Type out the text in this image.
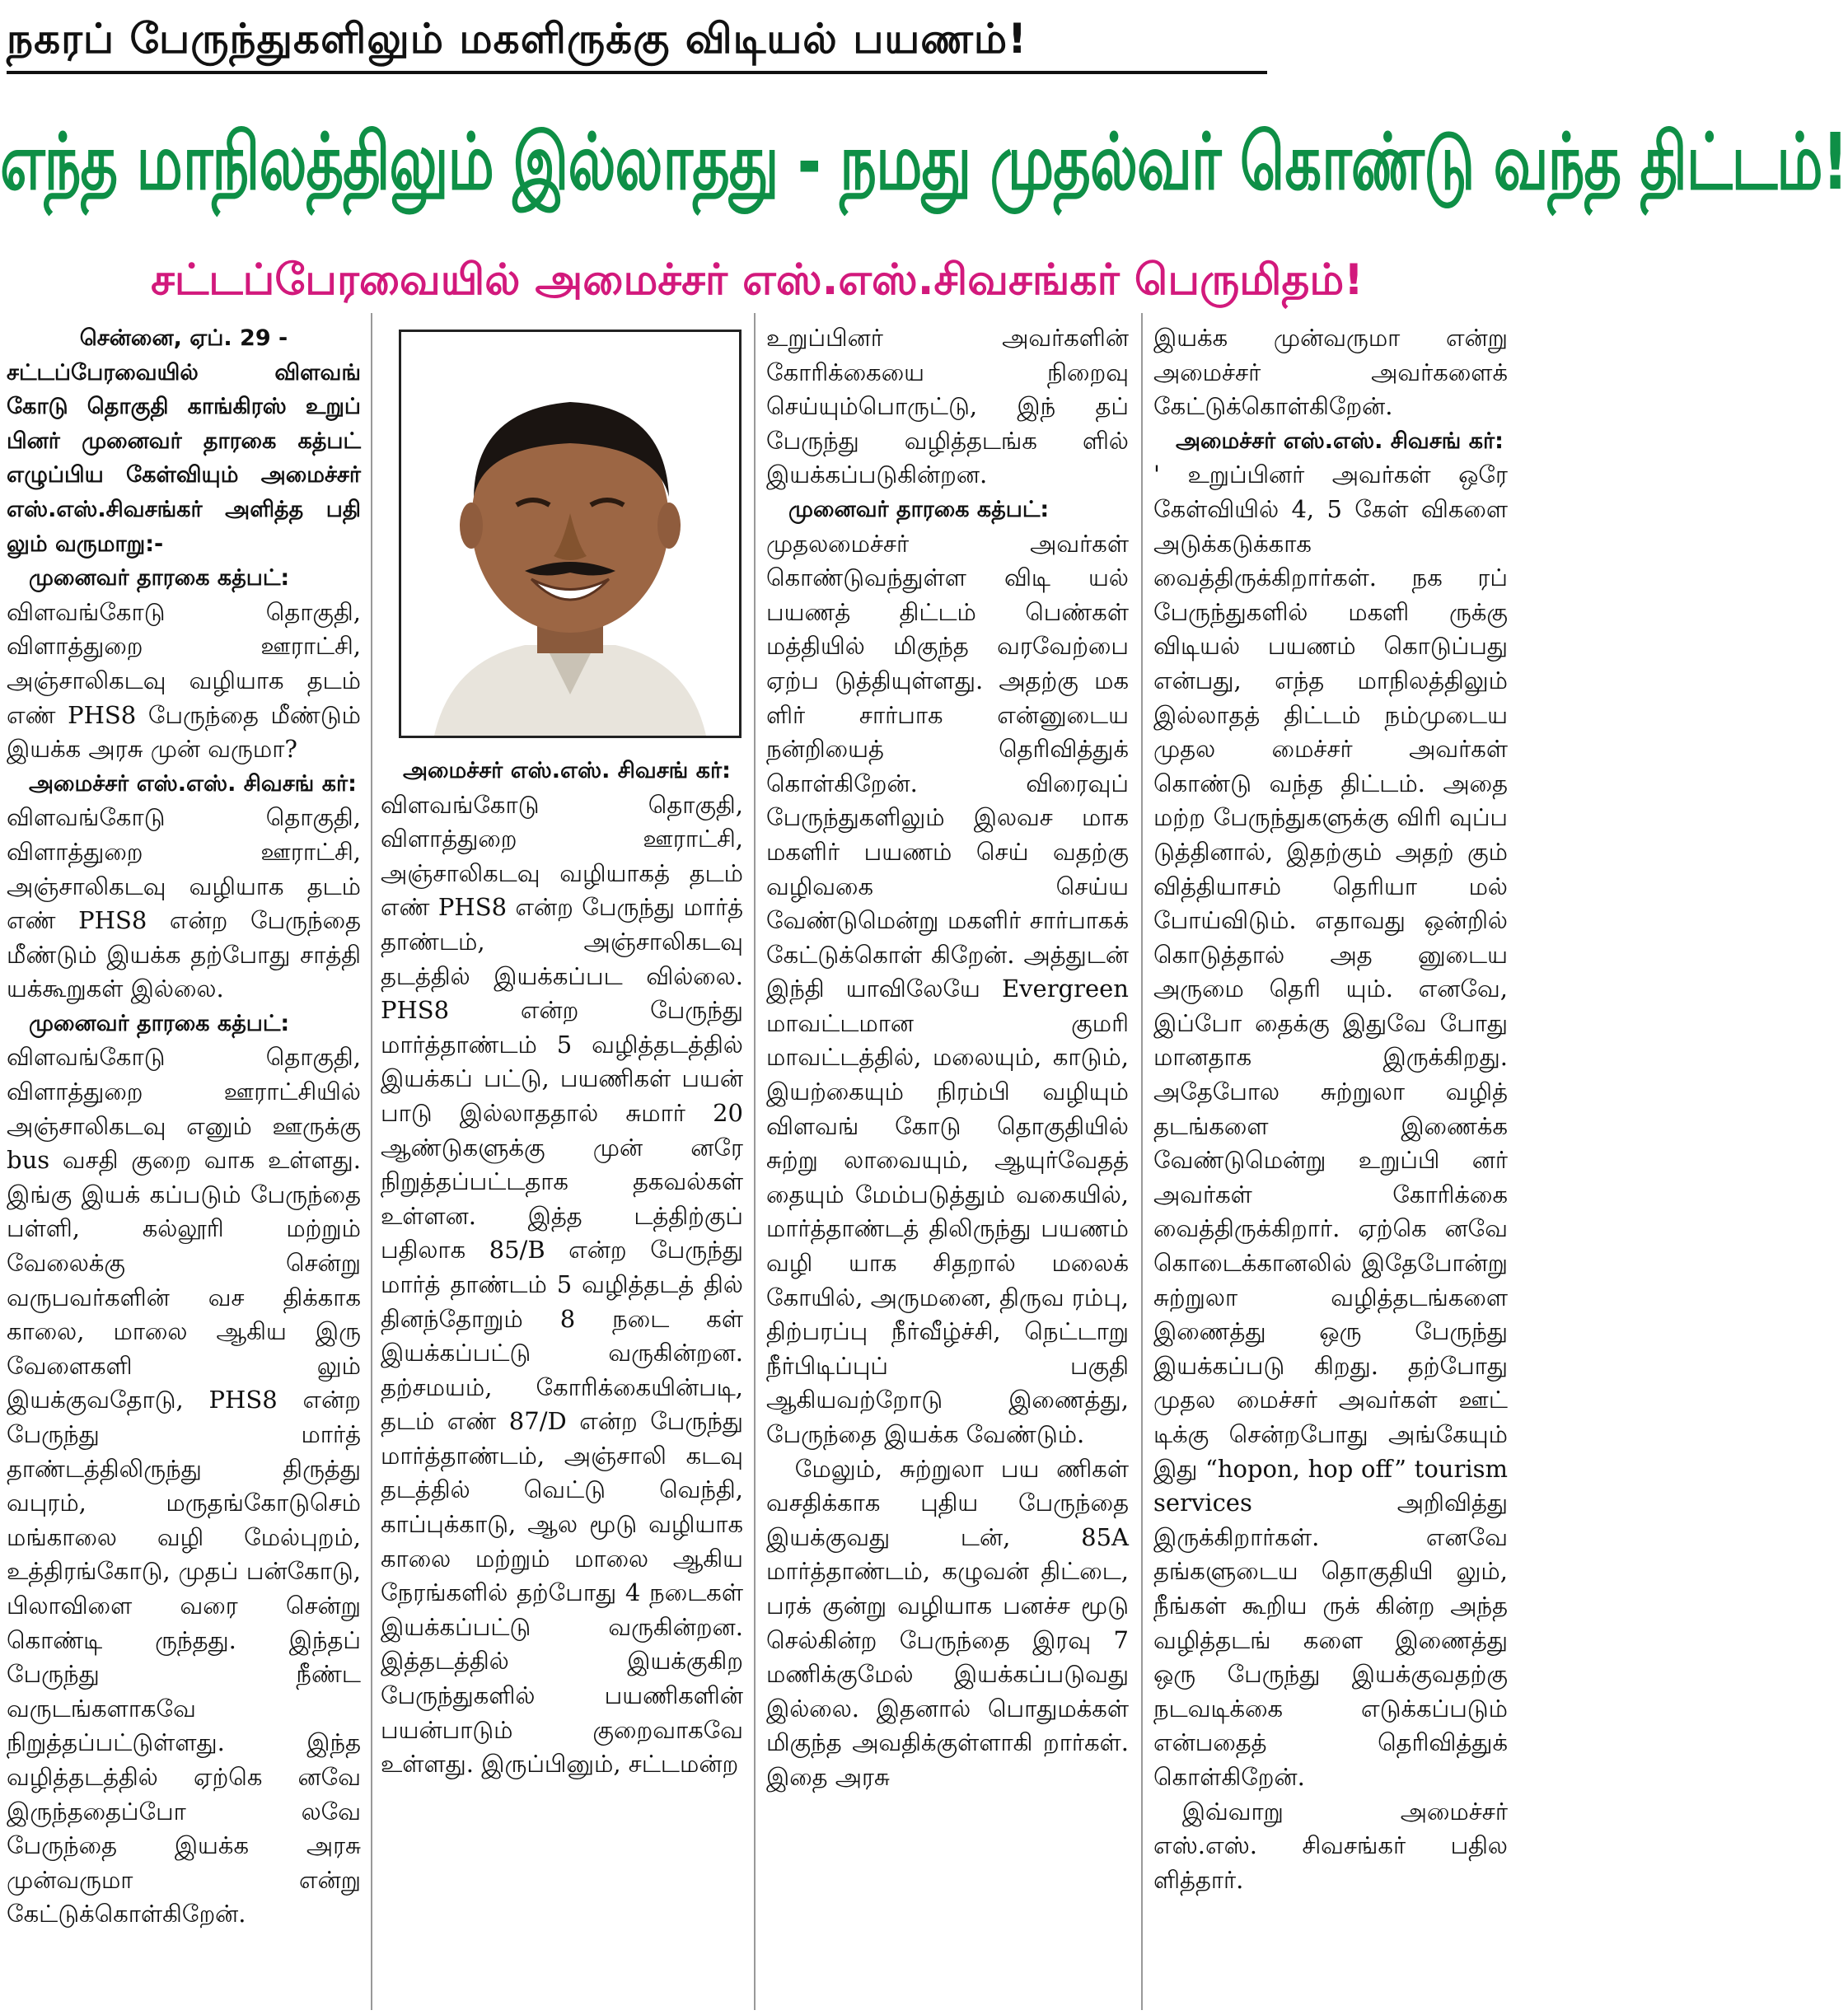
நகரப் பேருந்துகளிலும் மகளிருக்கு விடியல் பயணம்!
எந்த மாநிலத்திலும் இல்லாதது - நமது முதல்வர் கொண்டு வந்த திட்டம்!
சட்டப்பேரவையில் அமைச்சர் எஸ்.எஸ்.சிவசங்கர் பெருமிதம்!

சென்னை, ஏப். 29 -

சட்டப்பேரவையில் விளவங் கோடு தொகுதி காங்கிரஸ் உறுப் பினர் முனைவர் தாரகை கத்பட் எழுப்பிய கேள்வியும் அமைச்சர் எஸ்.எஸ்.சிவசங்கர் அளித்த பதி லும் வருமாறு:-

முனைவர் தாரகை கத்பட்:

விளவங்கோடு தொகுதி, விளாத்துறை ஊராட்சி, அஞ்சாலிகடவு வழியாக தடம் எண் PHS8 பேருந்தை மீண்டும் இயக்க அரசு முன் வருமா?

அமைச்சர் எஸ்.எஸ். சிவசங் கர்:

விளவங்கோடு தொகுதி, விளாத்துறை ஊராட்சி, அஞ்சாலிகடவு வழியாக தடம் எண் PHS8 என்ற பேருந்தை மீண்டும் இயக்க தற்போது சாத்தி யக்கூறுகள் இல்லை.

முனைவர் தாரகை கத்பட்:

விளவங்கோடு தொகுதி, விளாத்துறை ஊராட்சியில் அஞ்சாலிகடவு எனும் ஊருக்கு bus வசதி குறை வாக உள்ளது. இங்கு இயக் கப்படும் பேருந்தை பள்ளி, கல்லூரி மற்றும் வேலைக்கு சென்று வருபவர்களின் வச திக்காக காலை, மாலை ஆகிய இரு வேளைகளி லும் இயக்குவதோடு, PHS8 என்ற பேருந்து மார்த் தாண்டத்திலிருந்து திருத்து வபுரம், மருதங்கோடுசெம் மங்காலை வழி மேல்புறம், உத்திரங்கோடு, முதப் பன்கோடு, பிலாவிளை வரை சென்று கொண்டி ருந்தது. இந்தப் பேருந்து நீண்ட வருடங்களாகவே நிறுத்தப்பட்டுள்ளது. இந்த வழித்தடத்தில் ஏற்கெ னவே இருந்ததைப்போ லவே பேருந்தை இயக்க அரசு முன்வருமா என்று கேட்டுக்கொள்கிறேன்.

அமைச்சர் எஸ்.எஸ். சிவசங் கர்:

விளவங்கோடு தொகுதி, விளாத்துறை ஊராட்சி, அஞ்சாலிகடவு வழியாகத் தடம் எண் PHS8 என்ற பேருந்து மார்த் தாண்டம், அஞ்சாலிகடவு தடத்தில் இயக்கப்பட வில்லை. PHS8 என்ற பேருந்து மார்த்தாண்டம் 5 வழித்தடத்தில் இயக்கப் பட்டு, பயணிகள் பயன் பாடு இல்லாததால் சுமார் 20 ஆண்டுகளுக்கு முன் னரே நிறுத்தப்பட்டதாக தகவல்கள் உள்ளன. இத்த டத்திற்குப் பதிலாக 85/B என்ற பேருந்து மார்த் தாண்டம் 5 வழித்தடத் தில் தினந்தோறும் 8 நடை கள் இயக்கப்பட்டு வருகின்றன. தற்சமயம், கோரிக்கையின்படி, தடம் எண் 87/D என்ற பேருந்து மார்த்தாண்டம், அஞ்சாலி கடவு தடத்தில் வெட்டு வெந்தி, காப்புக்காடு, ஆல மூடு வழியாக காலை மற்றும் மாலை ஆகிய நேரங்களில் தற்போது 4 நடைகள் இயக்கப்பட்டு வருகின்றன. இத்தடத்தில் இயக்குகிற பேருந்துகளில் பயணிகளின் பயன்பாடும் குறைவாகவே உள்ளது. இருப்பினும், சட்டமன்ற

உறுப்பினர் அவர்களின் கோரிக்கையை நிறைவு செய்யும்பொருட்டு, இந் தப் பேருந்து வழித்தடங்க ளில் இயக்கப்படுகின்றன.

முனைவர் தாரகை கத்பட்:

முதலமைச்சர் அவர்கள் கொண்டுவந்துள்ள விடி யல் பயணத் திட்டம் பெண்கள் மத்தியில் மிகுந்த வரவேற்பை ஏற்ப டுத்தியுள்ளது. அதற்கு மக ளிர் சார்பாக என்னுடைய நன்றியைத் தெரிவித்துக் கொள்கிறேன். விரைவுப் பேருந்துகளிலும் இலவச மாக மகளிர் பயணம் செய் வதற்கு வழிவகை செய்ய வேண்டுமென்று மகளிர் சார்பாகக் கேட்டுக்கொள் கிறேன். அத்துடன் இந்தி யாவிலேயே Evergreen மாவட்டமான குமரி மாவட்டத்தில், மலையும், காடும், இயற்கையும் நிரம்பி வழியும் விளவங் கோடு தொகுதியில் சுற்று லாவையும், ஆயுர்வேதத் தையும் மேம்படுத்தும் வகையில், மார்த்தாண்டத் திலிருந்து பயணம் வழி யாக சிதறால் மலைக் கோயில், அருமனை, திருவ ரம்பு, திற்பரப்பு நீர்வீழ்ச்சி, நெட்டாறு நீர்பிடிப்புப் பகுதி ஆகியவற்றோடு இணைத்து, பேருந்தை இயக்க வேண்டும்.

மேலும், சுற்றுலா பய ணிகள் வசதிக்காக புதிய பேருந்தை இயக்குவது டன், 85A மார்த்தாண்டம், கழுவன் திட்டை, பரக் குன்று வழியாக பனச்ச மூடு செல்கின்ற பேருந்தை இரவு 7 மணிக்குமேல் இயக்கப்படுவது இல்லை. இதனால் பொதுமக்கள் மிகுந்த அவதிக்குள்ளாகி றார்கள். இதை அரசு

இயக்க முன்வருமா என்று அமைச்சர் அவர்களைக் கேட்டுக்கொள்கிறேன்.

அமைச்சர் எஸ்.எஸ். சிவசங் கர்:

' உறுப்பினர் அவர்கள் ஒரே கேள்வியில் 4, 5 கேள் விகளை அடுக்கடுக்காக வைத்திருக்கிறார்கள். நக ரப் பேருந்துகளில் மகளி ருக்கு விடியல் பயணம் கொடுப்பது என்பது, எந்த மாநிலத்திலும் இல்லாதத் திட்டம் நம்முடைய முதல மைச்சர் அவர்கள் கொண்டு வந்த திட்டம். அதை மற்ற பேருந்துகளுக்கு விரி வுப்ப டுத்தினால், இதற்கும் அதற் கும் வித்தியாசம் தெரியா மல் போய்விடும். எதாவது ஒன்றில் கொடுத்தால் அத னுடைய அருமை தெரி யும். எனவே, இப்போ தைக்கு இதுவே போது மானதாக இருக்கிறது. அதேபோல சுற்றுலா வழித் தடங்களை இணைக்க வேண்டுமென்று உறுப்பி னர் அவர்கள் கோரிக்கை வைத்திருக்கிறார். ஏற்கெ னவே கொடைக்கானலில் இதேபோன்று சுற்றுலா வழித்தடங்களை இணைத்து ஒரு பேருந்து இயக்கப்படு கிறது. தற்போது முதல மைச்சர் அவர்கள் ஊட் டிக்கு சென்றபோது அங்கேயும் இது “hopon, hop off” tourism services அறிவித்து இருக்கிறார்கள். எனவே தங்களுடைய தொகுதியி லும், நீங்கள் கூறிய ருக் கின்ற அந்த வழித்தடங் களை இணைத்து ஒரு பேருந்து இயக்குவதற்கு நடவடிக்கை எடுக்கப்படும் என்பதைத் தெரிவித்துக் கொள்கிறேன்.

இவ்வாறு அமைச்சர் எஸ்.எஸ். சிவசங்கர் பதில ளித்தார்.
